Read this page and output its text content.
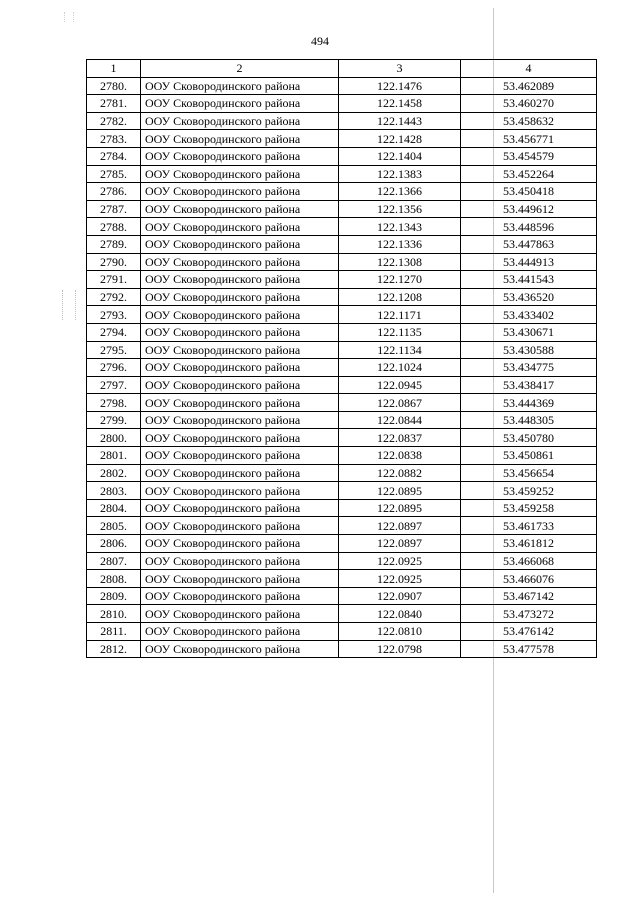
494
1	2	3	4
2780.	ООУ Сковородинского района	122.1476	53.462089
2781.	ООУ Сковородинского района	122.1458	53.460270
2782.	ООУ Сковородинского района	122.1443	53.458632
2783.	ООУ Сковородинского района	122.1428	53.456771
2784.	ООУ Сковородинского района	122.1404	53.454579
2785.	ООУ Сковородинского района	122.1383	53.452264
2786.	ООУ Сковородинского района	122.1366	53.450418
2787.	ООУ Сковородинского района	122.1356	53.449612
2788.	ООУ Сковородинского района	122.1343	53.448596
2789.	ООУ Сковородинского района	122.1336	53.447863
2790.	ООУ Сковородинского района	122.1308	53.444913
2791.	ООУ Сковородинского района	122.1270	53.441543
2792.	ООУ Сковородинского района	122.1208	53.436520
2793.	ООУ Сковородинского района	122.1171	53.433402
2794.	ООУ Сковородинского района	122.1135	53.430671
2795.	ООУ Сковородинского района	122.1134	53.430588
2796.	ООУ Сковородинского района	122.1024	53.434775
2797.	ООУ Сковородинского района	122.0945	53.438417
2798.	ООУ Сковородинского района	122.0867	53.444369
2799.	ООУ Сковородинского района	122.0844	53.448305
2800.	ООУ Сковородинского района	122.0837	53.450780
2801.	ООУ Сковородинского района	122.0838	53.450861
2802.	ООУ Сковородинского района	122.0882	53.456654
2803.	ООУ Сковородинского района	122.0895	53.459252
2804.	ООУ Сковородинского района	122.0895	53.459258
2805.	ООУ Сковородинского района	122.0897	53.461733
2806.	ООУ Сковородинского района	122.0897	53.461812
2807.	ООУ Сковородинского района	122.0925	53.466068
2808.	ООУ Сковородинского района	122.0925	53.466076
2809.	ООУ Сковородинского района	122.0907	53.467142
2810.	ООУ Сковородинского района	122.0840	53.473272
2811.	ООУ Сковородинского района	122.0810	53.476142
2812.	ООУ Сковородинского района	122.0798	53.477578
